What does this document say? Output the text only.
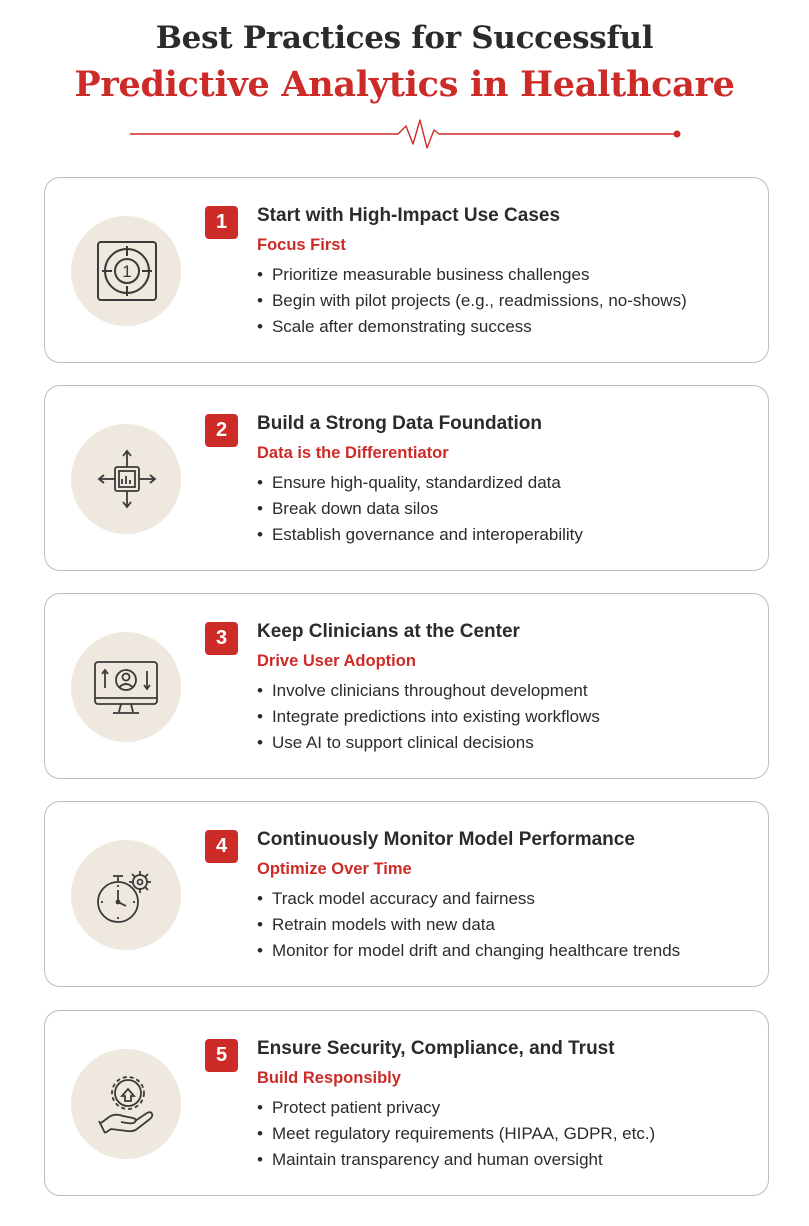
Best Practices for Successful
Predictive Analytics in Healthcare
1
1	Start with High-Impact Use Cases
Focus First
• Prioritize measurable business challenges
• Begin with pilot projects (e.g., readmissions, no-shows)
• Scale after demonstrating success
2	Build a Strong Data Foundation
Data is the Differentiator
• Ensure high-quality, standardized data
• Break down data silos
• Establish governance and interoperability
3	Keep Clinicians at the Center
Drive User Adoption
• Involve clinicians throughout development
• Integrate predictions into existing workflows
• Use AI to support clinical decisions
4	Continuously Monitor Model Performance
Optimize Over Time
• Track model accuracy and fairness
• Retrain models with new data
• Monitor for model drift and changing healthcare trends
5	Ensure Security, Compliance, and Trust
Build Responsibly
• Protect patient privacy
• Meet regulatory requirements (HIPAA, GDPR, etc.)
• Maintain transparency and human oversight
